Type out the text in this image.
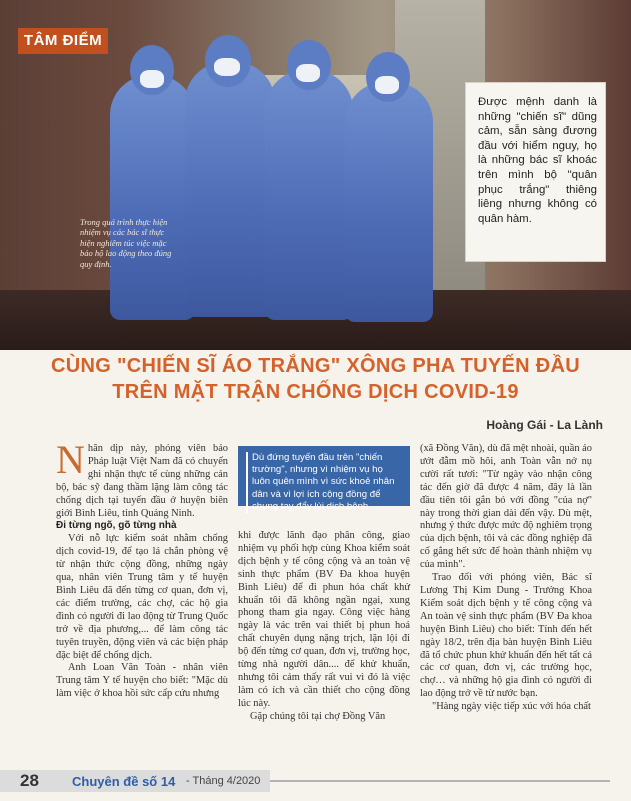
TÂM ĐIỂM
Trong quá trình thực hiện nhiệm vụ các bác sĩ thực hiện nghiêm túc việc mặc bảo hộ lao động theo đúng quy định.
Được mệnh danh là những "chiến sĩ" dũng cảm, sẵn sàng đương đầu với hiểm nguy, họ là những bác sĩ khoác trên mình bộ "quân phục trắng" thiêng liêng nhưng không có quân hàm.
CÙNG "CHIẾN SĨ ÁO TRẮNG" XÔNG PHA TUYẾN ĐẦU
TRÊN MẶT TRẬN CHỐNG DỊCH COVID-19
Hoàng Gái - La Lành

Nhân dịp này, phóng viên báo Pháp luật Việt Nam đã có chuyến ghi nhận thực tế cùng những cán bộ, bác sỹ đang thầm lặng làm công tác chống dịch tại tuyến đầu ở huyện biên giới Bình Liêu, tỉnh Quảng Ninh.

Đi từng ngõ, gõ từng nhà

Với nỗ lực kiểm soát nhằm chống dịch covid-19, để tạo lá chắn phòng vệ từ nhận thức cộng đồng, những ngày qua, nhân viên Trung tâm y tế huyện Bình Liêu đã đến từng cơ quan, đơn vị, các điểm trường, các chợ, các hộ gia đình có người đi lao động từ Trung Quốc trở về địa phương,... để làm công tác tuyên truyền, động viên và các biện pháp đặc biệt để chống dịch.

Anh Loan Văn Toàn - nhân viên Trung tâm Y tế huyện cho biết: "Mặc dù làm việc ở khoa hồi sức cấp cứu nhưng

Dù đứng tuyến đầu trên "chiến trường", nhưng vì nhiệm vụ họ luôn quên mình vì sức khoẻ nhân dân và vì lợi ích cộng đồng để chung tay đẩy lùi dịch bệnh.

khi được lãnh đạo phân công, giao nhiệm vụ phối hợp cùng Khoa kiểm soát dịch bệnh y tế công cộng và an toàn vệ sinh thực phẩm (BV Đa khoa huyện Bình Liêu) để đi phun hóa chất khử khuẩn tôi đã không ngần ngại, xung phong tham gia ngay. Công việc hàng ngày là vác trên vai thiết bị phun hoá chất chuyên dụng nặng trịch, lặn lội đi bộ đến từng cơ quan, đơn vị, trường học, từng nhà người dân.... để khử khuẩn, nhưng tôi cảm thấy rất vui vì đó là việc làm có ích và cần thiết cho cộng đồng lúc này.

Gặp chúng tôi tại chợ Đồng Văn

(xã Đồng Văn), dù đã mệt nhoài, quần áo ướt đẫm mồ hôi, anh Toàn vẫn nở nụ cười rất tươi: "Từ ngày vào nhận công tác đến giờ đã được 4 năm, đây là lần đầu tiên tôi gắn bó với đồng "của nợ" này trong thời gian dài đến vậy. Dù mệt, nhưng ý thức được mức độ nghiêm trọng của dịch bệnh, tôi và các đồng nghiệp đã cố gắng hết sức để hoàn thành nhiệm vụ của mình".

Trao đổi với phóng viên, Bác sĩ Lương Thị Kim Dung - Trưởng Khoa Kiểm soát dịch bệnh y tế công cộng và An toàn vệ sinh thực phẩm (BV Đa khoa huyện Bình Liêu) cho biết: Tính đến hết ngày 18/2, trên địa bàn huyện Bình Liêu đã tổ chức phun khử khuẩn đến hết tất cả các cơ quan, đơn vị, các trường học, chợ… và những hộ gia đình có người đi lao động trở về từ nước bạn.

"Hàng ngày việc tiếp xúc với hóa chất

28	Chuyên đề số 14 - Tháng 4/2020
